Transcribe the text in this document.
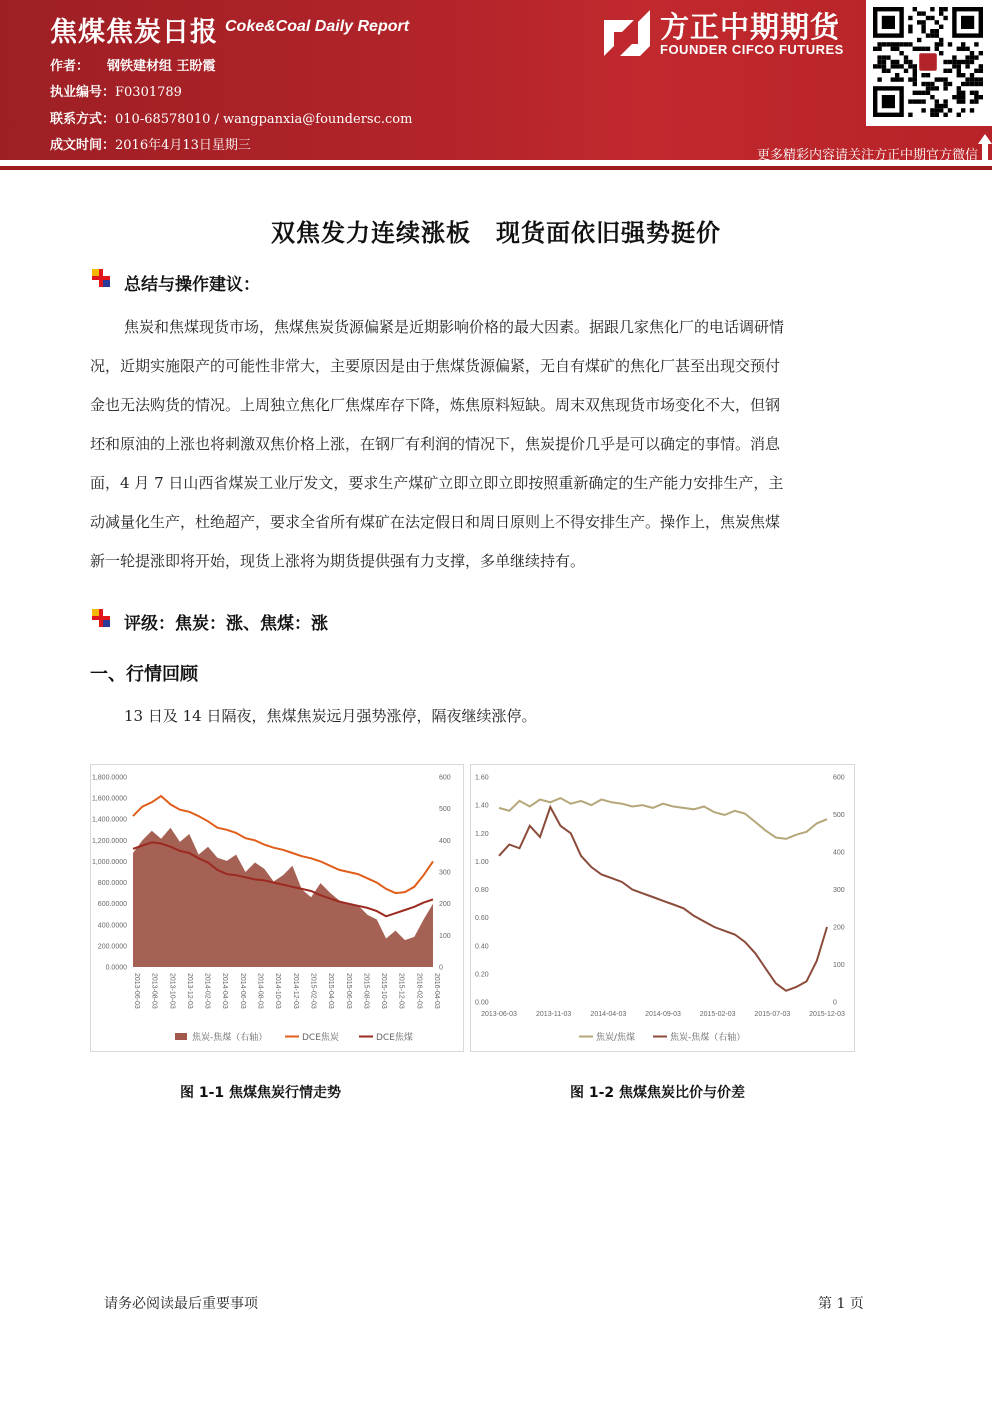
焦煤焦炭日报 Coke&Coal Daily Report
作者： 钢铁建材组 王盼霞
执业编号：F0301789
联系方式：010-68578010 / wangpanxia@foundersc.com
成文时间：2016年4月13日星期三
方正中期期货
FOUNDER CIFCO FUTURES
更多精彩内容请关注方正中期官方微信
双焦发力连续涨板　现货面依旧强势挺价
总结与操作建议：
焦炭和焦煤现货市场，焦煤焦炭货源偏紧是近期影响价格的最大因素。据跟几家焦化厂的电话调研情
况，近期实施限产的可能性非常大，主要原因是由于焦煤货源偏紧，无自有煤矿的焦化厂甚至出现交预付
金也无法购货的情况。上周独立焦化厂焦煤库存下降，炼焦原料短缺。周末双焦现货市场变化不大，但钢
坯和原油的上涨也将刺激双焦价格上涨，在钢厂有利润的情况下，焦炭提价几乎是可以确定的事情。消息
面，4 月 7 日山西省煤炭工业厅发文，要求生产煤矿立即立即立即按照重新确定的生产能力安排生产，主
动减量化生产，杜绝超产，要求全省所有煤矿在法定假日和周日原则上不得安排生产。操作上，焦炭焦煤
新一轮提涨即将开始，现货上涨将为期货提供强有力支撑，多单继续持有。
评级：焦炭：涨、焦煤：涨
一、行情回顾
13 日及 14 日隔夜，焦煤焦炭远月强势涨停，隔夜继续涨停。
0.0000
200.0000
400.0000
600.0000
800.0000
1,000.0000
1,200.0000
1,400.0000
1,600.0000
1,800.0000
0
100
200
300
400
500
600
2013-06-03 2013-08-03 2013-10-03 2013-12-03 2014-02-03 2014-04-03 2014-06-03 2014-08-03 2014-10-03 2014-12-03 2015-02-03 2015-04-03 2015-06-03 2015-08-03 2015-10-03 2015-12-03 2016-02-03 2016-04-03
焦炭-焦煤（右轴）	DCE焦炭	DCE焦煤
图 1-1 焦煤焦炭行情走势
0.00
0.20
0.40
0.60
0.80
1.00
1.20
1.40
1.60
0
100
200
300
400
500
600
2013-06-03	2013-11-03	2014-04-03	2014-09-03	2015-02-03	2015-07-03	2015-12-03
焦炭/焦煤	焦炭-焦煤（右轴）
图 1-2 焦煤焦炭比价与价差
请务必阅读最后重要事项	第 1 页
